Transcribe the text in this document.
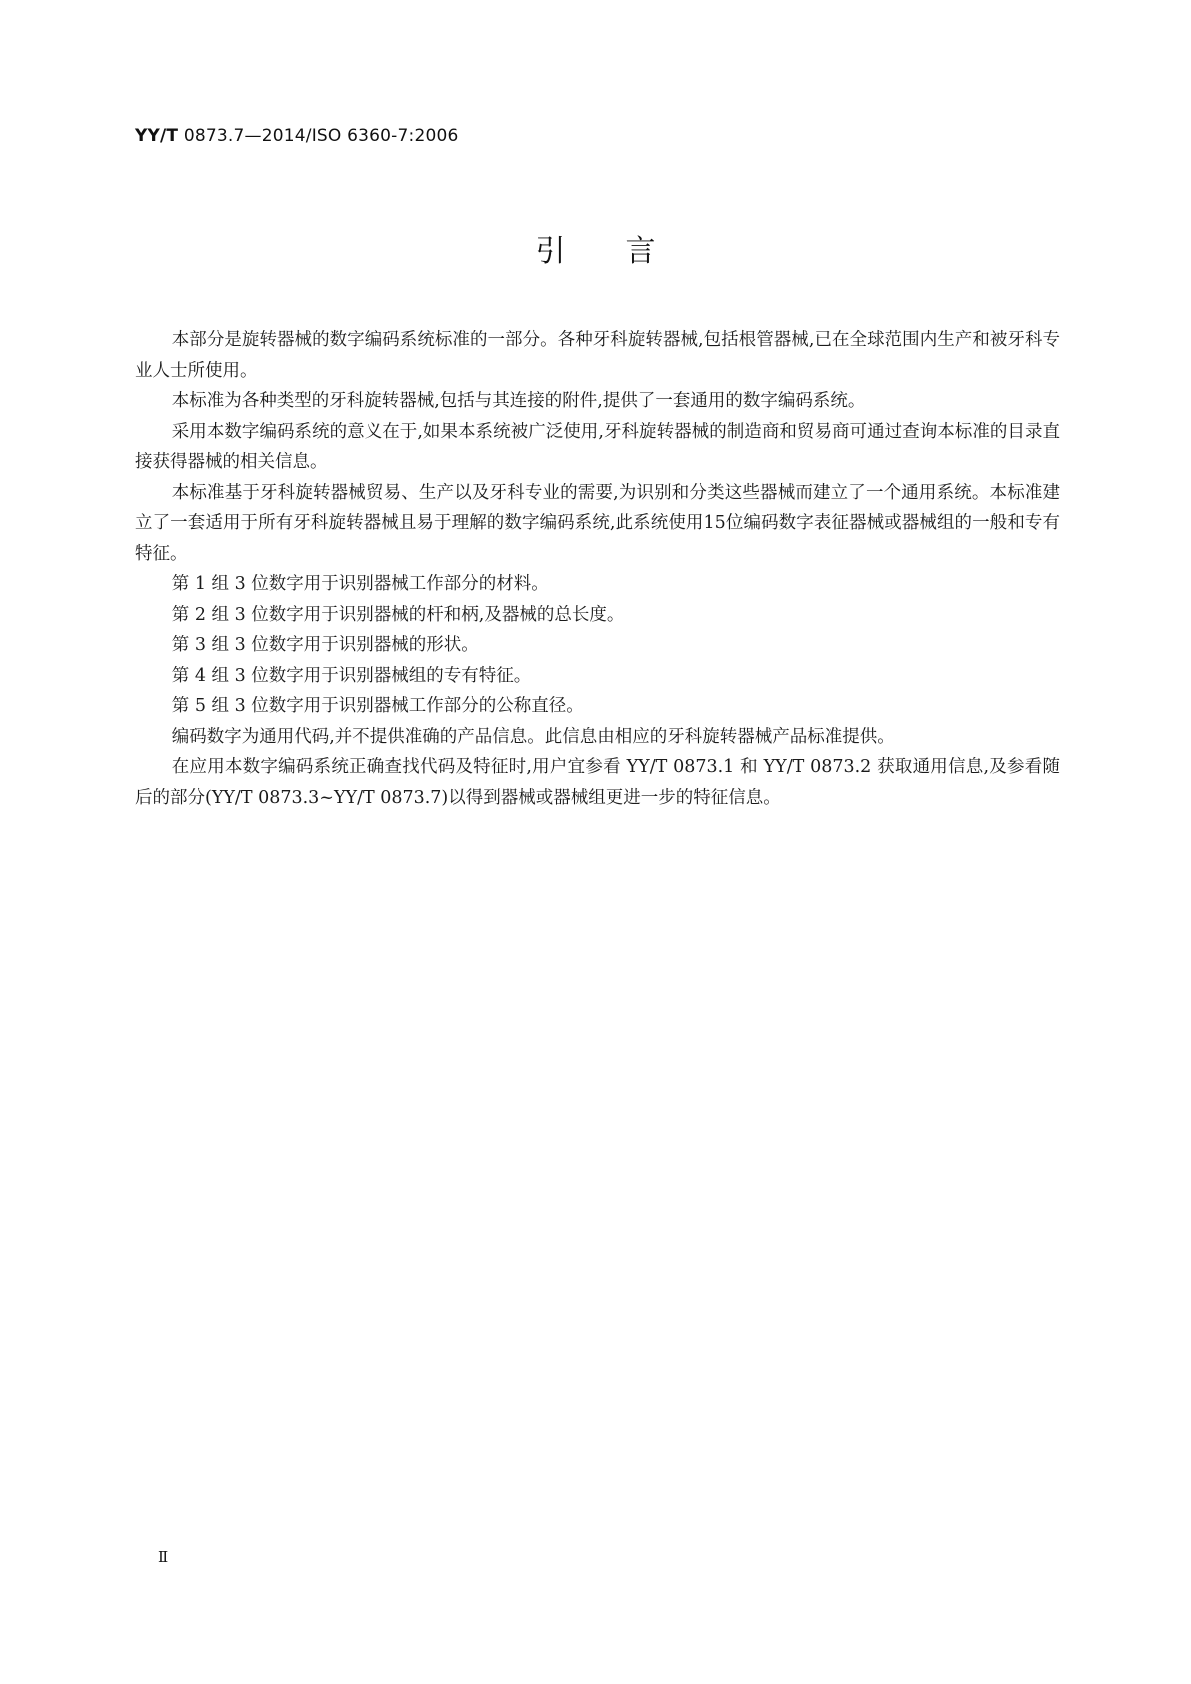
YY/T 0873.7—2014/ISO 6360-7:2006
引言

本部分是旋转器械的数字编码系统标准的一部分。各种牙科旋转器械,包括根管器械,已在全球范围内生产和被牙科专业人士所使用。

本标准为各种类型的牙科旋转器械,包括与其连接的附件,提供了一套通用的数字编码系统。

采用本数字编码系统的意义在于,如果本系统被广泛使用,牙科旋转器械的制造商和贸易商可通过查询本标准的目录直接获得器械的相关信息。

本标准基于牙科旋转器械贸易、生产以及牙科专业的需要,为识别和分类这些器械而建立了一个通用系统。本标准建立了一套适用于所有牙科旋转器械且易于理解的数字编码系统,此系统使用15位编码数字表征器械或器械组的一般和专有特征。

第 1 组 3 位数字用于识别器械工作部分的材料。

第 2 组 3 位数字用于识别器械的杆和柄,及器械的总长度。

第 3 组 3 位数字用于识别器械的形状。

第 4 组 3 位数字用于识别器械组的专有特征。

第 5 组 3 位数字用于识别器械工作部分的公称直径。

编码数字为通用代码,并不提供准确的产品信息。此信息由相应的牙科旋转器械产品标准提供。

在应用本数字编码系统正确查找代码及特征时,用户宜参看 YY/T 0873.1 和 YY/T 0873.2 获取通用信息,及参看随后的部分(YY/T 0873.3~YY/T 0873.7)以得到器械或器械组更进一步的特征信息。

Ⅱ
